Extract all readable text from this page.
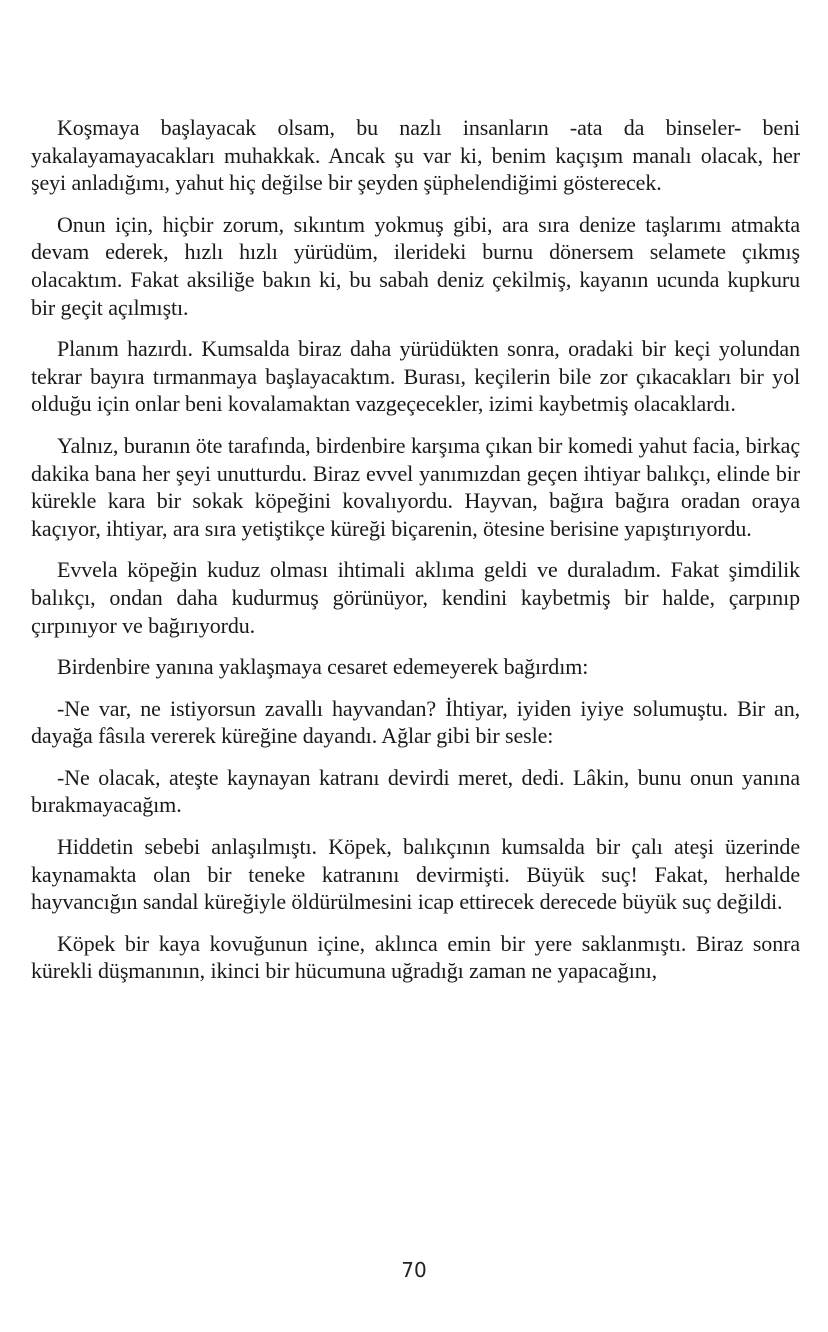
Koşmaya başlayacak olsam, bu nazlı insanların -ata da binseler- beni yakalayamayacakları muhakkak. Ancak şu var ki, benim kaçışım manalı olacak, her şeyi anladığımı, yahut hiç değilse bir şeyden şüphelendiğimi gösterecek.

Onun için, hiçbir zorum, sıkıntım yokmuş gibi, ara sıra denize taşlarımı atmakta devam ederek, hızlı hızlı yürüdüm, ilerideki burnu dönersem selamete çıkmış olacaktım. Fakat aksiliğe bakın ki, bu sabah deniz çekilmiş, kayanın ucunda kupkuru bir geçit açılmıştı.

Planım hazırdı. Kumsalda biraz daha yürüdükten sonra, oradaki bir keçi yolundan tekrar bayıra tırmanmaya başlayacaktım. Burası, keçilerin bile zor çıkacakları bir yol olduğu için onlar beni kovalamaktan vazgeçecekler, izimi kaybetmiş olacaklardı.

Yalnız, buranın öte tarafında, birdenbire karşıma çıkan bir komedi yahut facia, birkaç dakika bana her şeyi unutturdu. Biraz evvel yanımızdan geçen ihtiyar balıkçı, elinde bir kürekle kara bir sokak köpeğini kovalıyordu. Hayvan, bağıra bağıra oradan oraya kaçıyor, ihtiyar, ara sıra yetiştikçe küreği biçarenin, ötesine berisine yapıştırıyordu.

Evvela köpeğin kuduz olması ihtimali aklıma geldi ve duraladım. Fakat şimdilik balıkçı, ondan daha kudurmuş görünüyor, kendini kaybetmiş bir halde, çarpınıp çırpınıyor ve bağırıyordu.

Birdenbire yanına yaklaşmaya cesaret edemeyerek bağırdım:

-Ne var, ne istiyorsun zavallı hayvandan? İhtiyar, iyiden iyiye solumuştu. Bir an, dayağa fâsıla vererek küreğine dayandı. Ağlar gibi bir sesle:

-Ne olacak, ateşte kaynayan katranı devirdi meret, dedi. Lâkin, bunu onun yanına bırakmayacağım.

Hiddetin sebebi anlaşılmıştı. Köpek, balıkçının kumsalda bir çalı ateşi üzerinde kaynamakta olan bir teneke katranını devirmişti. Büyük suç! Fakat, herhalde hayvancığın sandal küreğiyle öldürülmesini icap ettirecek derecede büyük suç değildi.

Köpek bir kaya kovuğunun içine, aklınca emin bir yere saklanmıştı. Biraz sonra kürekli düşmanının, ikinci bir hücumuna uğradığı zaman ne yapacağını,

70
